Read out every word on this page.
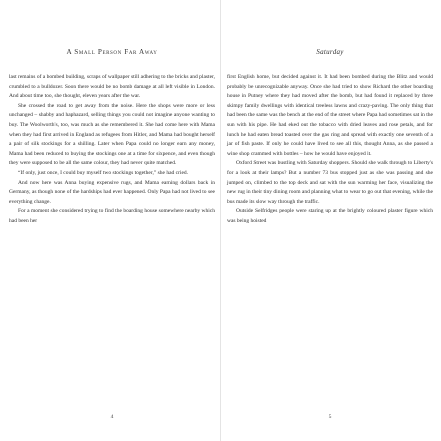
A Small Person Far Away

last remains of a bombed building, scraps of wallpaper still adhering to the bricks and plaster, crumbled to a bulldozer. Soon there would be no bomb damage at all left visible in London. And about time too, she thought, eleven years after the war.

She crossed the road to get away from the noise. Here the shops were more or less unchanged – shabby and haphazard, selling things you could not imagine anyone wanting to buy. The Woolworth's, too, was much as she remembered it. She had come here with Mama when they had first arrived in England as refugees from Hitler, and Mama had bought herself a pair of silk stockings for a shilling. Later when Papa could no longer earn any money, Mama had been reduced to buying the stockings one at a time for sixpence, and even though they were supposed to be all the same colour, they had never quite matched.

“If only, just once, I could buy myself two stockings together,” she had cried.

And now here was Anna buying expensive rugs, and Mama earning dollars back in Germany, as though none of the hardships had ever happened. Only Papa had not lived to see everything change.

For a moment she considered trying to find the boarding house somewhere nearby which had been her

4
Saturday

first English home, but decided against it. It had been bombed during the Blitz and would probably be unrecognizable anyway. Once she had tried to show Richard the other boarding house in Putney where they had moved after the bomb, but had found it replaced by three skimpy family dwellings with identical treeless lawns and crazy-paving. The only thing that had been the same was the bench at the end of the street where Papa had sometimes sat in the sun with his pipe. He had eked out the tobacco with dried leaves and rose petals, and for lunch he had eaten bread toasted over the gas ring and spread with exactly one seventh of a jar of fish paste. If only he could have lived to see all this, thought Anna, as she passed a wine shop crammed with bottles – how he would have enjoyed it.

Oxford Street was bustling with Saturday shoppers. Should she walk through to Liberty's for a look at their lamps? But a number 73 bus stopped just as she was passing and she jumped on, climbed to the top deck and sat with the sun warming her face, visualizing the new rug in their tiny dining room and planning what to wear to go out that evening, while the bus made its slow way through the traffic.

Outside Selfridges people were staring up at the brightly coloured plaster figure which was being hoisted

5
